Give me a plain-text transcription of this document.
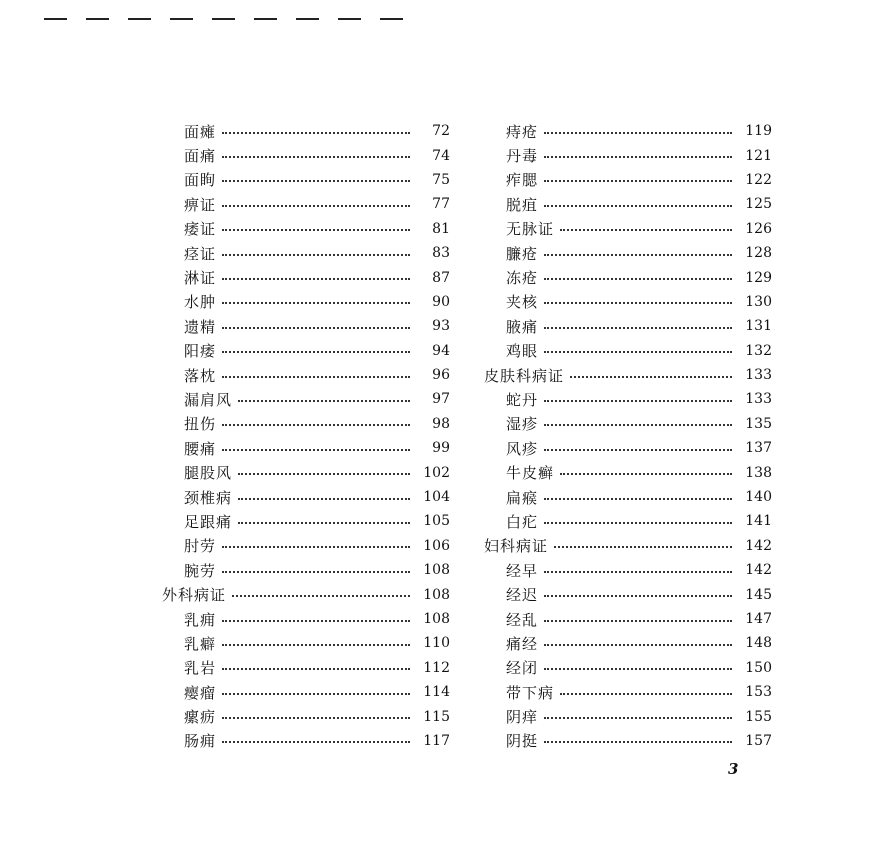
面瘫	72
面痛	74
面眴	75
痹证	77
痿证	81
痉证	83
淋证	87
水肿	90
遗精	93
阳痿	94
落枕	96
漏肩风	97
扭伤	98
腰痛	99
腿股风	102
颈椎病	104
足跟痛	105
肘劳	106
腕劳	108
外科病证	108
乳痈	108
乳癖	110
乳岩	112
瘿瘤	114
瘰疬	115
肠痈	117
痔疮	119
丹毒	121
痄腮	122
脱疽	125
无脉证	126
臁疮	128
冻疮	129
夹核	130
腋痛	131
鸡眼	132
皮肤科病证	133
蛇丹	133
湿疹	135
风疹	137
牛皮癣	138
扁瘊	140
白疕	141
妇科病证	142
经早	142
经迟	145
经乱	147
痛经	148
经闭	150
带下病	153
阴痒	155
阴挺	157
3
